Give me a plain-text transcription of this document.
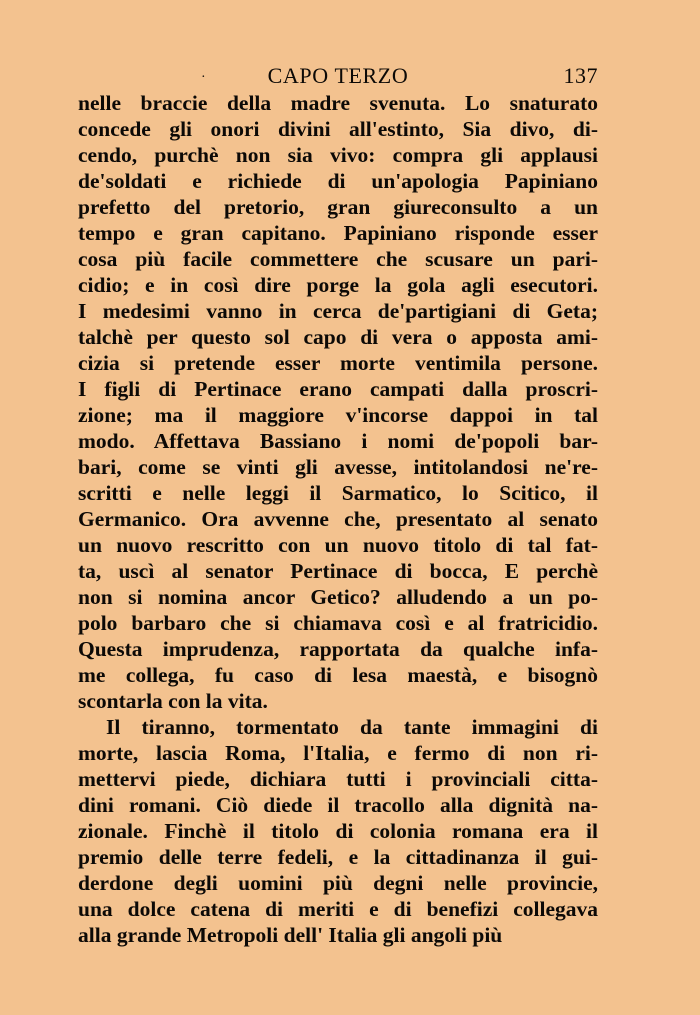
·	CAPO TERZO	137
nelle braccie della madre svenuta. Lo snaturato
concede gli onori divini all'estinto, Sia divo, di-
cendo, purchè non sia vivo: compra gli applausi
de'soldati e richiede di un'apologia Papiniano
prefetto del pretorio, gran giureconsulto a un
tempo e gran capitano. Papiniano risponde esser
cosa più facile commettere che scusare un pari-
cidio; e in così dire porge la gola agli esecutori.
I medesimi vanno in cerca de'partigiani di Geta;
talchè per questo sol capo di vera o apposta ami-
cizia si pretende esser morte ventimila persone.
I figli di Pertinace erano campati dalla proscri-
zione; ma il maggiore v'incorse dappoi in tal
modo. Affettava Bassiano i nomi de'popoli bar-
bari, come se vinti gli avesse, intitolandosi ne're-
scritti e nelle leggi il Sarmatico, lo Scitico, il
Germanico. Ora avvenne che, presentato al senato
un nuovo rescritto con un nuovo titolo di tal fat-
ta, uscì al senator Pertinace di bocca, E perchè
non si nomina ancor Getico? alludendo a un po-
polo barbaro che si chiamava così e al fratricidio.
Questa imprudenza, rapportata da qualche infa-
me collega, fu caso di lesa maestà, e bisognò
scontarla con la vita.
Il tiranno, tormentato da tante immagini di
morte, lascia Roma, l'Italia, e fermo di non ri-
mettervi piede, dichiara tutti i provinciali citta-
dini romani. Ciò diede il tracollo alla dignità na-
zionale. Finchè il titolo di colonia romana era il
premio delle terre fedeli, e la cittadinanza il gui-
derdone degli uomini più degni nelle provincie,
una dolce catena di meriti e di benefizi collegava
alla grande Metropoli dell' Italia gli angoli più
